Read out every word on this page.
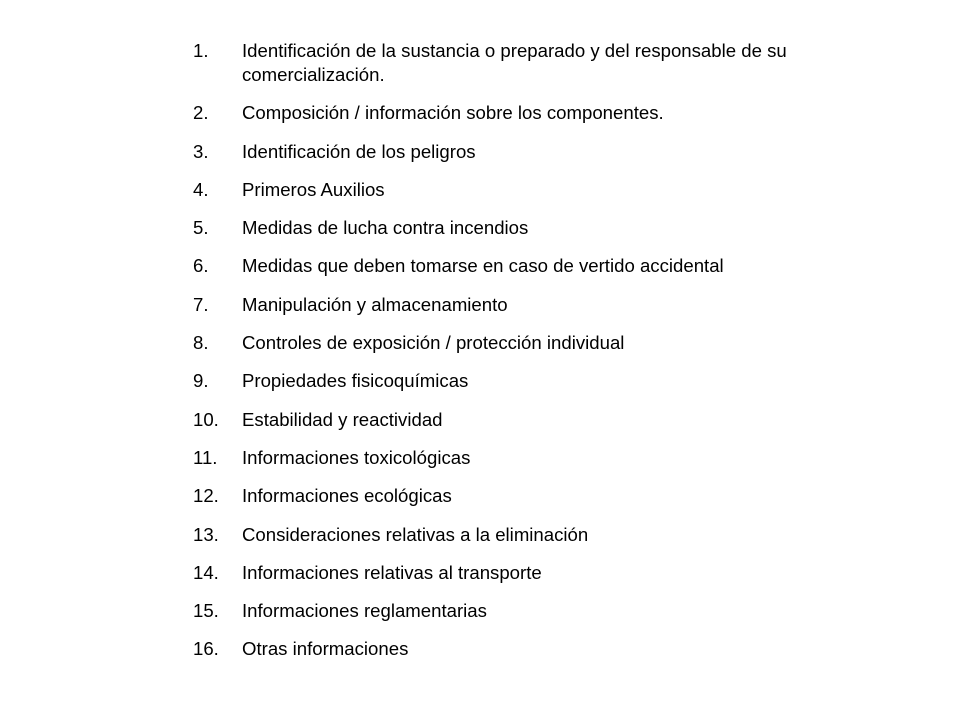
1.	Identificación de la sustancia o preparado y del responsable de su comercialización.
2.	Composición / información sobre los componentes.
3.	Identificación de los peligros
4.	Primeros Auxilios
5.	Medidas de lucha contra incendios
6.	Medidas que deben tomarse en caso de vertido accidental
7.	Manipulación y almacenamiento
8.	Controles de exposición / protección individual
9.	Propiedades fisicoquímicas
10.	Estabilidad y reactividad
11.	Informaciones toxicológicas
12.	Informaciones ecológicas
13.	Consideraciones relativas a la eliminación
14.	Informaciones relativas al transporte
15.	Informaciones reglamentarias
16.	Otras informaciones
